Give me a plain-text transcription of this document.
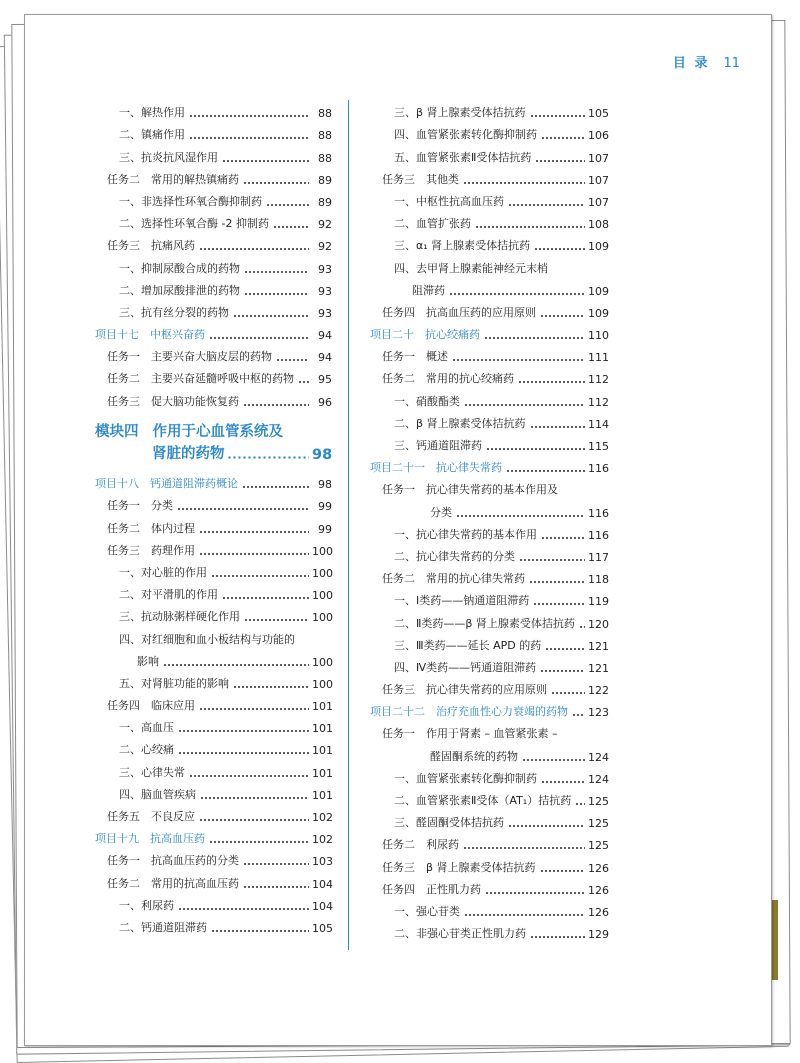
目 录 11
一、解热作用	88
二、镇痛作用	88
三、抗炎抗风湿作用	88
任务二　常用的解热镇痛药	89
一、非选择性环氧合酶抑制药	89
二、选择性环氧合酶 -2 抑制药	92
任务三　抗痛风药	92
一、抑制尿酸合成的药物	93
二、增加尿酸排泄的药物	93
三、抗有丝分裂的药物	93
项目十七　中枢兴奋药	94
任务一　主要兴奋大脑皮层的药物	94
任务二　主要兴奋延髓呼吸中枢的药物	95
任务三　促大脑功能恢复药	96
模块四 作用于心血管系统及
肾脏的药物	98
项目十八　钙通道阻滞药概论	98
任务一　分类	99
任务二　体内过程	99
任务三　药理作用	100
一、对心脏的作用	100
二、对平滑肌的作用	100
三、抗动脉粥样硬化作用	100
四、对红细胞和血小板结构与功能的
影响	100
五、对肾脏功能的影响	100
任务四　临床应用	101
一、高血压	101
二、心绞痛	101
三、心律失常	101
四、脑血管疾病	101
任务五　不良反应	102
项目十九　抗高血压药	102
任务一　抗高血压药的分类	103
任务二　常用的抗高血压药	104
一、利尿药	104
二、钙通道阻滞药	105
三、β 肾上腺素受体拮抗药	105
四、血管紧张素转化酶抑制药	106
五、血管紧张素Ⅱ受体拮抗药	107
任务三　其他类	107
一、中枢性抗高血压药	107
二、血管扩张药	108
三、α₁ 肾上腺素受体拮抗药	109
四、去甲肾上腺素能神经元末梢
阻滞药	109
任务四　抗高血压药的应用原则	109
项目二十　抗心绞痛药	110
任务一　概述	111
任务二　常用的抗心绞痛药	112
一、硝酸酯类	112
二、β 肾上腺素受体拮抗药	114
三、钙通道阻滞药	115
项目二十一　抗心律失常药	116
任务一　抗心律失常药的基本作用及
分类	116
一、抗心律失常药的基本作用	116
二、抗心律失常药的分类	117
任务二　常用的抗心律失常药	118
一、Ⅰ类药——钠通道阻滞药	119
二、Ⅱ类药——β 肾上腺素受体拮抗药 120
三、Ⅲ类药——延长 APD 的药	121
四、Ⅳ类药——钙通道阻滞药	121
任务三　抗心律失常药的应用原则	122
项目二十二　治疗充血性心力衰竭的药物 123
任务一　作用于肾素 – 血管紧张素 –
醛固酮系统的药物	124
一、血管紧张素转化酶抑制药	124
二、血管紧张素Ⅱ受体（AT₁）拮抗药 125
三、醛固酮受体拮抗药	125
任务二　利尿药	125
任务三　β 肾上腺素受体拮抗药	126
任务四　正性肌力药	126
一、强心苷类	126
二、非强心苷类正性肌力药	129
